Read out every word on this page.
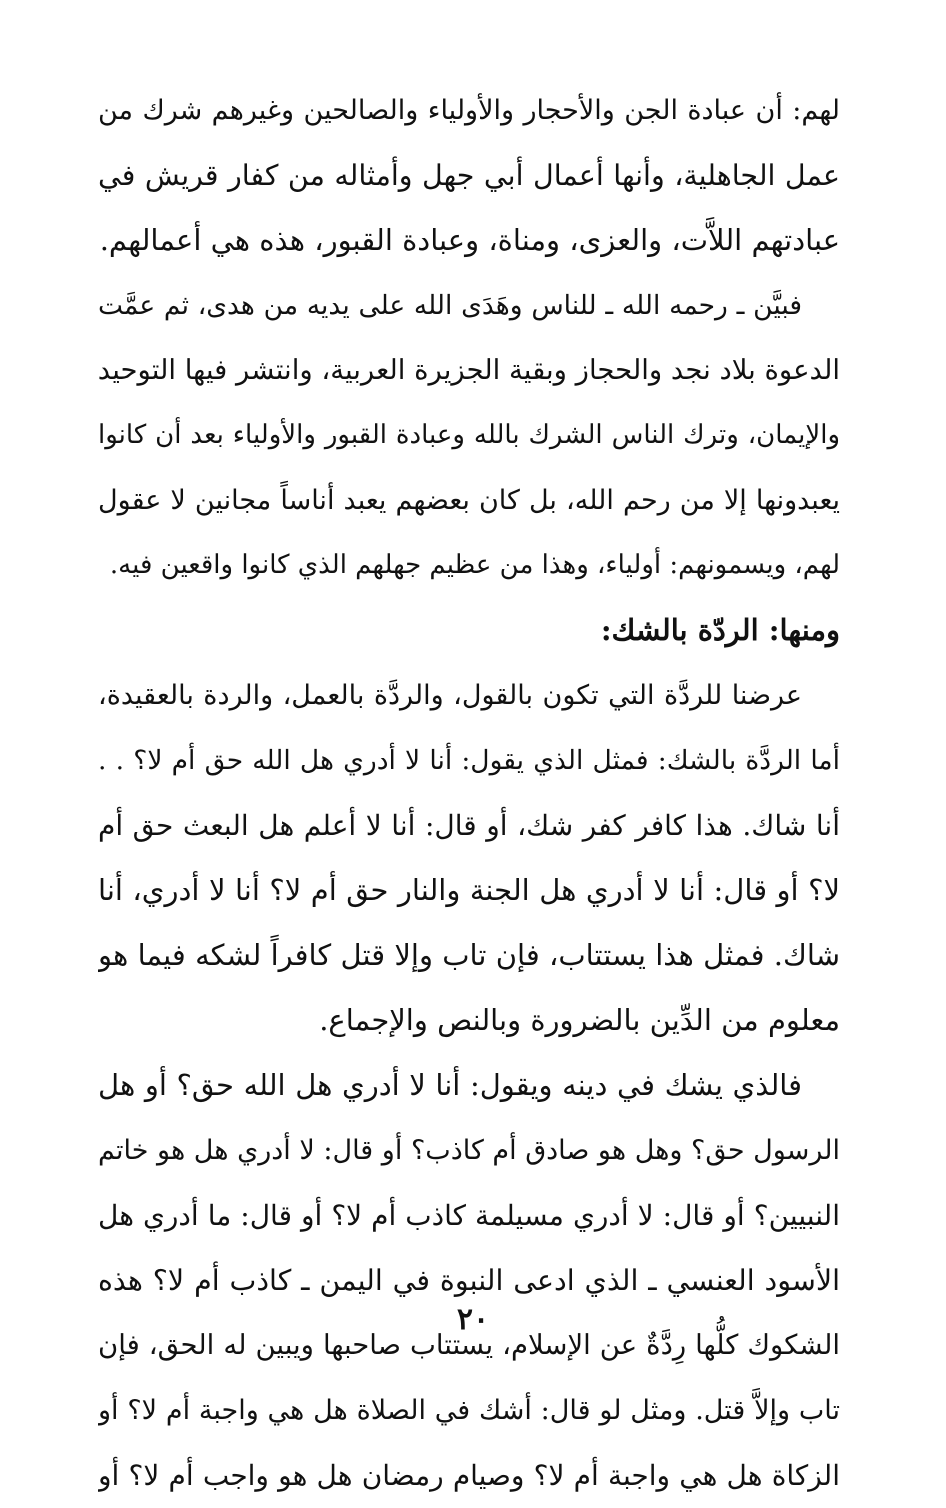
لهم: أن عبادة الجن والأحجار والأولياء والصالحين وغيرهم شرك من
عمل الجاهلية، وأنها أعمال أبي جهل وأمثاله من كفار قريش في
عبادتهم اللاَّت، والعزى، ومناة، وعبادة القبور، هذه هي أعمالهم.
فبيَّن ـ رحمه الله ـ للناس وهَدَى الله على يديه من هدى، ثم عمَّت
الدعوة بلاد نجد والحجاز وبقية الجزيرة العربية، وانتشر فيها التوحيد
والإيمان، وترك الناس الشرك بالله وعبادة القبور والأولياء بعد أن كانوا
يعبدونها إلا من رحم الله، بل كان بعضهم يعبد أناساً مجانين لا عقول
لهم، ويسمونهم: أولياء، وهذا من عظيم جهلهم الذي كانوا واقعين فيه.
ومنها: الردّة بالشك:
عرضنا للردَّة التي تكون بالقول، والردَّة بالعمل، والردة بالعقيدة،
أما الردَّة بالشك: فمثل الذي يقول: أنا لا أدري هل الله حق أم لا؟ . .
أنا شاك. هذا كافر كفر شك، أو قال: أنا لا أعلم هل البعث حق أم
لا؟ أو قال: أنا لا أدري هل الجنة والنار حق أم لا؟ أنا لا أدري، أنا
شاك. فمثل هذا يستتاب، فإن تاب وإلا قتل كافراً لشكه فيما هو
معلوم من الدِّين بالضرورة وبالنص والإجماع.
فالذي يشك في دينه ويقول: أنا لا أدري هل الله حق؟ أو هل
الرسول حق؟ وهل هو صادق أم كاذب؟ أو قال: لا أدري هل هو خاتم
النبيين؟ أو قال: لا أدري مسيلمة كاذب أم لا؟ أو قال: ما أدري هل
الأسود العنسي ـ الذي ادعى النبوة في اليمن ـ كاذب أم لا؟ هذه
الشكوك كلُّها رِدَّةٌ عن الإسلام، يستتاب صاحبها ويبين له الحق، فإن
تاب وإلاَّ قتل. ومثل لو قال: أشك في الصلاة هل هي واجبة أم لا؟ أو
الزكاة هل هي واجبة أم لا؟ وصيام رمضان هل هو واجب أم لا؟ أو
٢٠
